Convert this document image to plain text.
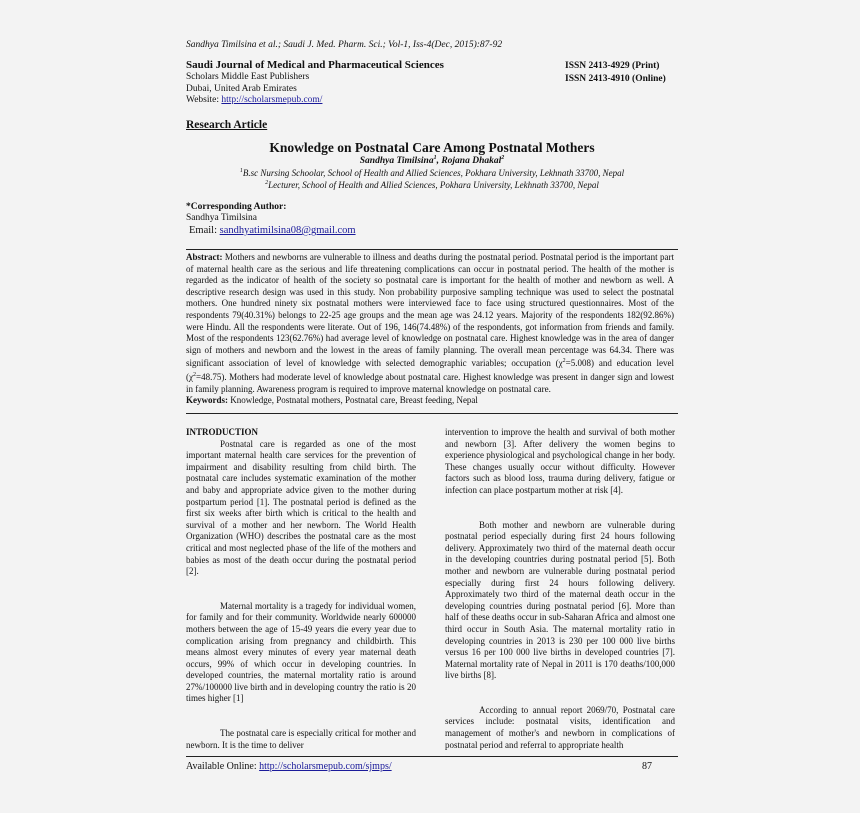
Sandhya Timilsina et al.; Saudi J. Med. Pharm. Sci.; Vol-1, Iss-4(Dec, 2015):87-92
Saudi Journal of Medical and Pharmaceutical Sciences
Scholars Middle East Publishers
Dubai, United Arab Emirates
Website: http://scholarsmepub.com/
ISSN 2413-4929 (Print)
ISSN 2413-4910 (Online)
Research Article
Knowledge on Postnatal Care Among Postnatal Mothers
Sandhya Timilsina$^1$, Rojana Dhakal$^2$
$^1$B.sc Nursing Schoolar, School of Health and Allied Sciences, Pokhara University, Lekhnath 33700, Nepal
$^2$Lecturer, School of Health and Allied Sciences, Pokhara University, Lekhnath 33700, Nepal
*Corresponding Author:
Sandhya Timilsina
Email: sandhyatimilsina08@gmail.com
Abstract: Mothers and newborns are vulnerable to illness and deaths during the postnatal period. Postnatal period is the important part of maternal health care as the serious and life threatening complications can occur in postnatal period. The health of the mother is regarded as the indicator of health of the society so postnatal care is important for the health of mother and newborn as well. A descriptive research design was used in this study. Non probability purposive sampling technique was used to select the postnatal mothers. One hundred ninety six postnatal mothers were interviewed face to face using structured questionnaires. Most of the respondents 79(40.31%) belongs to 22-25 age groups and the mean age was 24.12 years. Majority of the respondents 182(92.86%) were Hindu. All the respondents were literate. Out of 196, 146(74.48%) of the respondents, got information from friends and family. Most of the respondents 123(62.76%) had average level of knowledge on postnatal care. Highest knowledge was in the area of danger sign of mothers and newborn and the lowest in the areas of family planning. The overall mean percentage was 64.34. There was significant association of level of knowledge with selected demographic variables; occupation $(\chi^2=5.008)$ and education level $(\chi^2=48.75)$. Mothers had moderate level of knowledge about postnatal care. Highest knowledge was present in danger sign and lowest in family planning. Awareness program is required to improve maternal knowledge on postnatal care.
Keywords: Knowledge, Postnatal mothers, Postnatal care, Breast feeding, Nepal

INTRODUCTION

Postnatal care is regarded as one of the most important maternal health care services for the prevention of impairment and disability resulting from child birth. The postnatal care includes systematic examination of the mother and baby and appropriate advice given to the mother during postpartum period [1]. The postnatal period is defined as the first six weeks after birth which is critical to the health and survival of a mother and her newborn. The World Health Organization (WHO) describes the postnatal care as the most critical and most neglected phase of the life of the mothers and babies as most of the death occur during the postnatal period [2].

Maternal mortality is a tragedy for individual women, for family and for their community. Worldwide nearly 600000 mothers between the age of 15-49 years die every year due to complication arising from pregnancy and childbirth. This means almost every minutes of every year maternal death occurs, 99% of which occur in developing countries. In developed countries, the maternal mortality ratio is around 27%/100000 live birth and in developing country the ratio is 20 times higher [1]

The postnatal care is especially critical for mother and newborn. It is the time to deliver

intervention to improve the health and survival of both mother and newborn [3]. After delivery the women begins to experience physiological and psychological change in her body. These changes usually occur without difficulty. However factors such as blood loss, trauma during delivery, fatigue or infection can place postpartum mother at risk [4].

Both mother and newborn are vulnerable during postnatal period especially during first 24 hours following delivery. Approximately two third of the maternal death occur in the developing countries during postnatal period [5]. Both mother and newborn are vulnerable during postnatal period especially during first 24 hours following delivery. Approximately two third of the maternal death occur in the developing countries during postnatal period [6]. More than half of these deaths occur in sub-Saharan Africa and almost one third occur in South Asia. The maternal mortality ratio in developing countries in 2013 is 230 per 100 000 live births versus 16 per 100 000 live births in developed countries [7]. Maternal mortality rate of Nepal in 2011 is 170 deaths/100,000 live births [8].

According to annual report 2069/70, Postnatal care services include: postnatal visits, identification and management of mother's and newborn in complications of postnatal period and referral to appropriate health

Available Online: http://scholarsmepub.com/sjmps/	87
